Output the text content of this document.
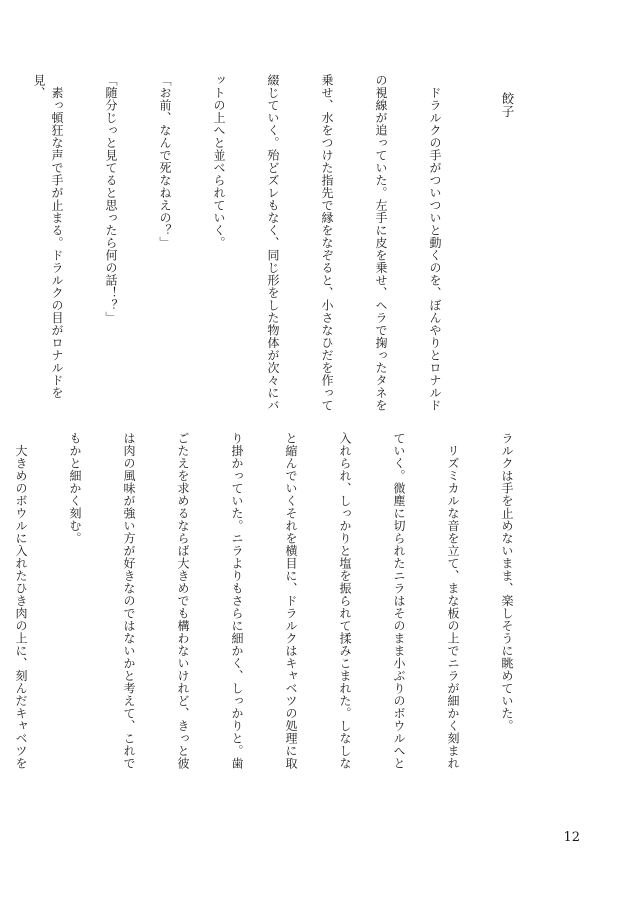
餃子

　ドラルクの手がついついと動くのを、ぼんやりとロナルド

の視線が追っていた。左手に皮を乗せ、ヘラで掬ったタネを

乗せ、水をつけた指先で縁をなぞると、小さなひだを作って

綴じていく。殆どズレもなく、同じ形をした物体が次々にバ

ットの上へと並べられていく。

「お前、なんで死なねえの？」

「随分じっと見てると思ったら何の話！？」

　素っ頓狂な声で手が止まる。ドラルクの目がロナルドを見、

ラルクは手を止めないまま、楽しそうに眺めていた。

　リズミカルな音を立て、まな板の上でニラが細かく刻まれ

ていく。微塵に切られたニラはそのまま小ぶりのボウルへと

入れられ、しっかりと塩を振られて揉みこまれた。しなしな

と縮んでいくそれを横目に、ドラルクはキャベツの処理に取

り掛かっていた。ニラよりもさらに細かく、しっかりと。歯

ごたえを求めるならば大きめでも構わないけれど、きっと彼

は肉の風味が強い方が好きなのではないかと考えて、これで

もかと細かく刻む。

　大きめのボウルに入れたひき肉の上に、刻んだキャベツを

12
